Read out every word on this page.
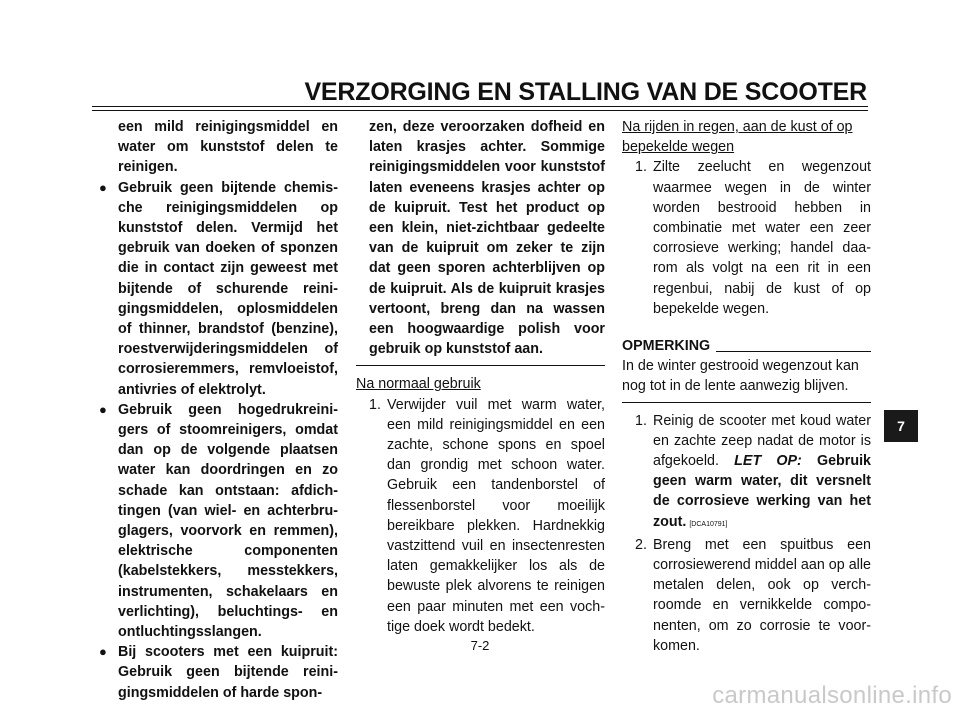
VERZORGING EN STALLING VAN DE SCOOTER

een mild reinigingsmiddel en water om kunststof delen te reinigen.

● Gebruik geen bijtende chemische reinigingsmiddelen op kunststof delen. Vermijd het gebruik van doeken of sponzen die in contact zijn geweest met bijtende of schurende reinigingsmiddelen, oplosmiddelen of thinner, brandstof (benzine), roestverwijderingsmiddelen of corrosieremmers, remvloeistof, antivries of elektrolyt.

● Gebruik geen hogedrukreinigers of stoomreinigers, omdat dan op de volgende plaatsen water kan doordringen en zo schade kan ontstaan: afdichtingen (van wiel- en achterbruglagers, voorvork en remmen), elektrische componenten (kabelstekkers, messtekkers, instrumenten, schakelaars en verlichting), beluchtings- en ontluchtingsslangen.

● Bij scooters met een kuipruit: Gebruik geen bijtende reinigingsmiddelen of harde spon-

zen, deze veroorzaken dofheid en laten krasjes achter. Sommige reinigingsmiddelen voor kunststof laten eveneens krasjes achter op de kuipruit. Test het product op een klein, niet-zichtbaar gedeelte van de kuipruit om zeker te zijn dat geen sporen achterblijven op de kuipruit. Als de kuipruit krasjes vertoont, breng dan na wassen een hoogwaardige polish voor gebruik op kunststof aan.

Na normaal gebruik

1. Verwijder vuil met warm water, een mild reinigingsmiddel en een zachte, schone spons en spoel dan grondig met schoon water. Gebruik een tandenborstel of flessenborstel voor moeilijk bereikbare plekken. Hardnekkig vastzittend vuil en insectenresten laten gemakkelijker los als de bewuste plek alvorens te reinigen een paar minuten met een vochtige doek wordt bedekt.

Na rijden in regen, aan de kust of op bepekelde wegen

1. Zilte zeelucht en wegenzout waarmee wegen in de winter worden bestrooid hebben in combinatie met water een zeer corrosieve werking; handel daarom als volgt na een rit in een regenbui, nabij de kust of op bepekelde wegen.

OPMERKING

In de winter gestrooid wegenzout kan nog tot in de lente aanwezig blijven.

1. Reinig de scooter met koud water en zachte zeep nadat de motor is afgekoeld. LET OP: Gebruik geen warm water, dit versnelt de corrosieve werking van het zout. [DCA10791]

2. Breng met een spuitbus een corrosiewerend middel aan op alle metalen delen, ook op verchroomde en vernikkelde componenten, om zo corrosie te voorkomen.

7
7-2
carmanualsonline.info
